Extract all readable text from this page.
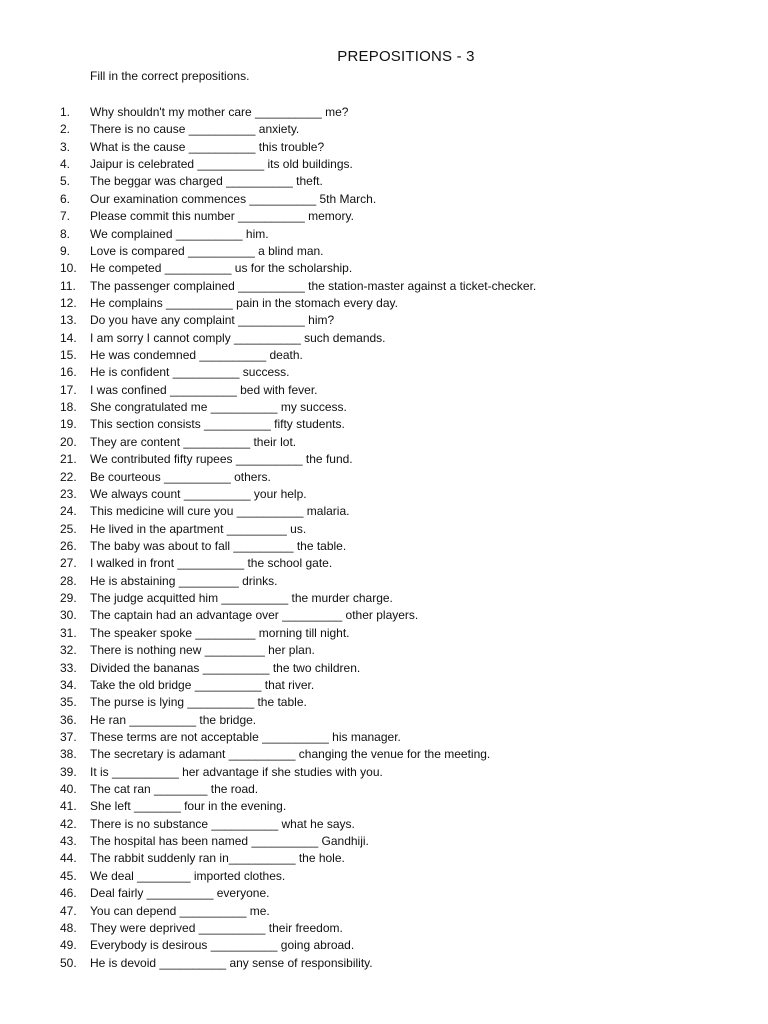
PREPOSITIONS - 3
Fill in the correct prepositions.
1.	Why shouldn't my mother care __________ me?
2.	There is no cause __________ anxiety.
3.	What is the cause __________ this trouble?
4.	Jaipur is celebrated __________ its old buildings.
5.	The beggar was charged __________ theft.
6.	Our examination commences __________ 5th March.
7.	Please commit this number __________ memory.
8.	We complained __________ him.
9.	Love is compared __________ a blind man.
10.	He competed __________ us for the scholarship.
11.	The passenger complained __________ the station-master against a ticket-checker.
12.	He complains __________ pain in the stomach every day.
13.	Do you have any complaint __________ him?
14.	I am sorry I cannot comply __________ such demands.
15.	He was condemned __________ death.
16.	He is confident __________ success.
17.	I was confined __________ bed with fever.
18.	She congratulated me __________ my success.
19.	This section consists __________ fifty students.
20.	They are content __________ their lot.
21.	We contributed fifty rupees __________ the fund.
22.	Be courteous __________ others.
23.	We always count __________ your help.
24.	This medicine will cure you __________ malaria.
25.	He lived in the apartment _________ us.
26.	The baby was about to fall _________ the table.
27.	I walked in front __________ the school gate.
28.	He is abstaining _________ drinks.
29.	The judge acquitted him __________ the murder charge.
30.	The captain had an advantage over _________ other players.
31.	The speaker spoke _________ morning till night.
32.	There is nothing new _________ her plan.
33.	Divided the bananas __________ the two children.
34.	Take the old bridge __________ that river.
35.	The purse is lying __________ the table.
36.	He ran __________ the bridge.
37.	These terms are not acceptable __________ his manager.
38.	The secretary is adamant __________ changing the venue for the meeting.
39.	It is __________ her advantage if she studies with you.
40.	The cat ran ________ the road.
41.	She left _______ four in the evening.
42.	There is no substance __________ what he says.
43.	The hospital has been named __________ Gandhiji.
44.	The rabbit suddenly ran in__________ the hole.
45.	We deal ________ imported clothes.
46.	Deal fairly __________ everyone.
47.	You can depend __________ me.
48.	They were deprived __________ their freedom.
49.	Everybody is desirous __________ going abroad.
50.	He is devoid __________ any sense of responsibility.
